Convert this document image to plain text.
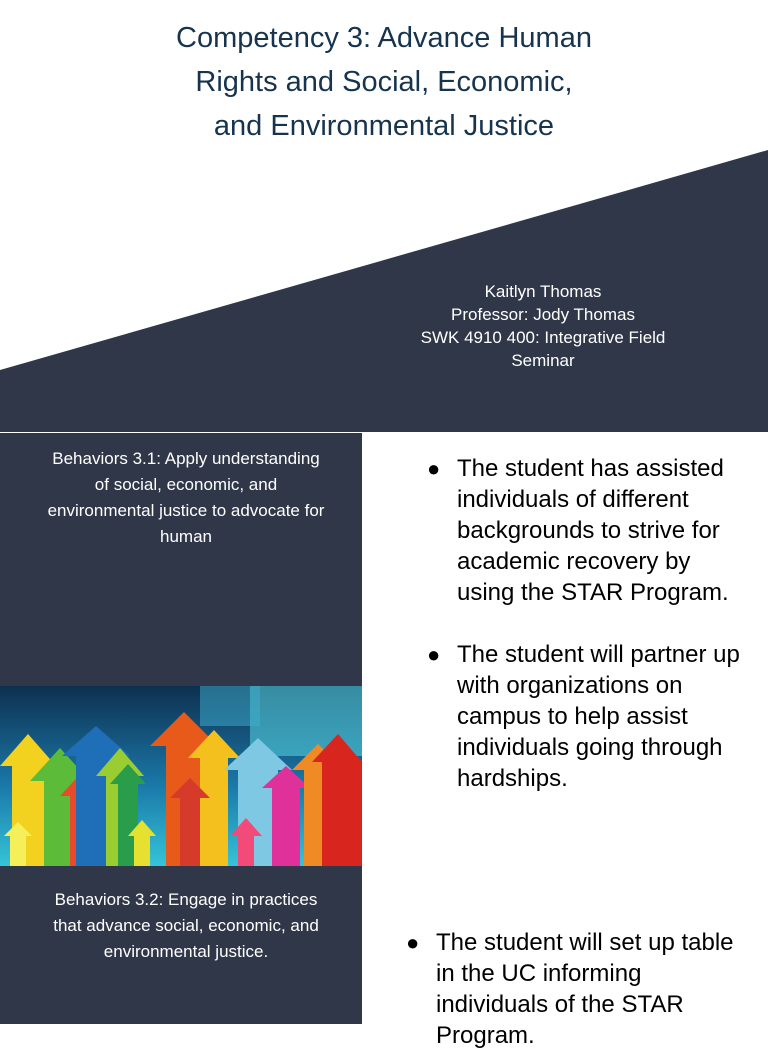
Competency 3: Advance Human
Rights and Social, Economic,
and Environmental Justice
Kaitlyn Thomas
Professor: Jody Thomas
SWK 4910 400: Integrative Field
Seminar
Behaviors 3.1: Apply understanding of social, economic, and environmental justice to advocate for human
Behaviors 3.2: Engage in practices that advance social, economic, and environmental justice.
● The student has assisted individuals of different backgrounds to strive for academic recovery by using the STAR Program.
● The student will partner up with organizations on campus to help assist individuals going through hardships.
● The student will set up table in the UC informing individuals of the STAR Program.
